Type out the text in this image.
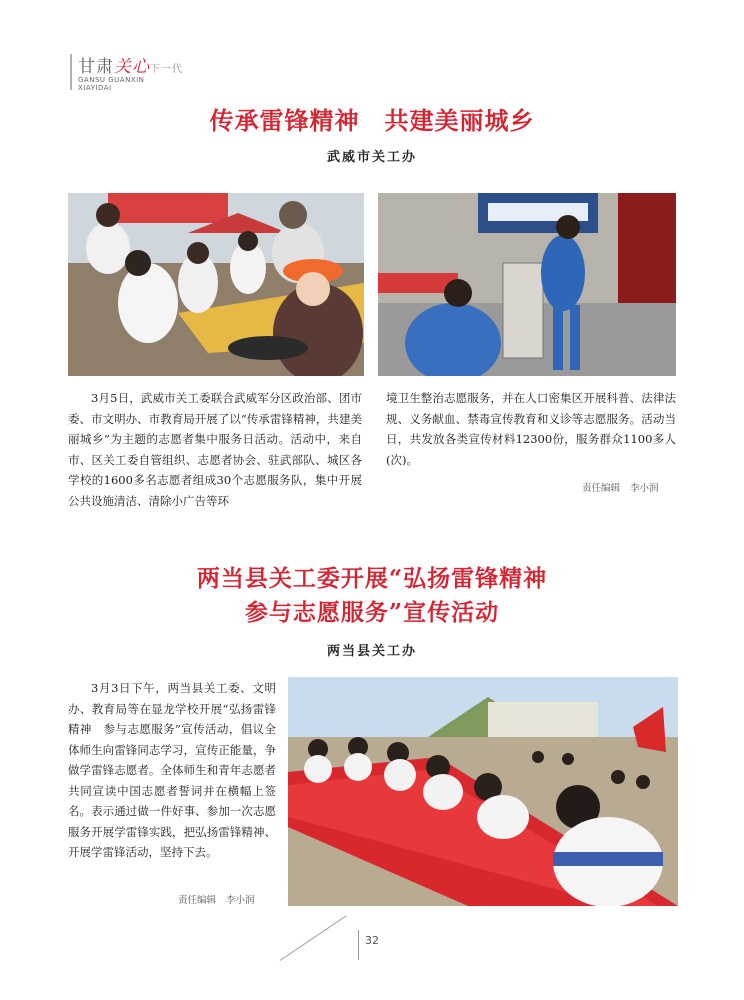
甘肃关心下一代
GANSU GUANXIN
XIAYIDAI
传承雷锋精神　共建美丽城乡
武威市关工办

3月5日，武威市关工委联合武威军分区政治部、团市委、市文明办、市教育局开展了以“传承雷锋精神，共建美丽城乡”为主题的志愿者集中服务日活动。活动中，来自市、区关工委自管组织、志愿者协会、驻武部队、城区各学校的1600多名志愿者组成30个志愿服务队，集中开展公共设施清洁、清除小广告等环

境卫生整治志愿服务，并在人口密集区开展科普、法律法规、义务献血、禁毒宣传教育和义诊等志愿服务。活动当日，共发放各类宣传材料12300份，服务群众1100多人(次)。

责任编辑 李小润
两当县关工委开展“弘扬雷锋精神
参与志愿服务”宣传活动
两当县关工办

3月3日下午，两当县关工委、文明办、教育局等在显龙学校开展“弘扬雷锋精神　参与志愿服务”宣传活动，倡议全体师生向雷锋同志学习，宣传正能量，争做学雷锋志愿者。全体师生和青年志愿者共同宣读中国志愿者誓词并在横幅上签名。表示通过做一件好事、参加一次志愿服务开展学雷锋实践，把弘扬雷锋精神、开展学雷锋活动，坚持下去。

责任编辑 李小润
32
